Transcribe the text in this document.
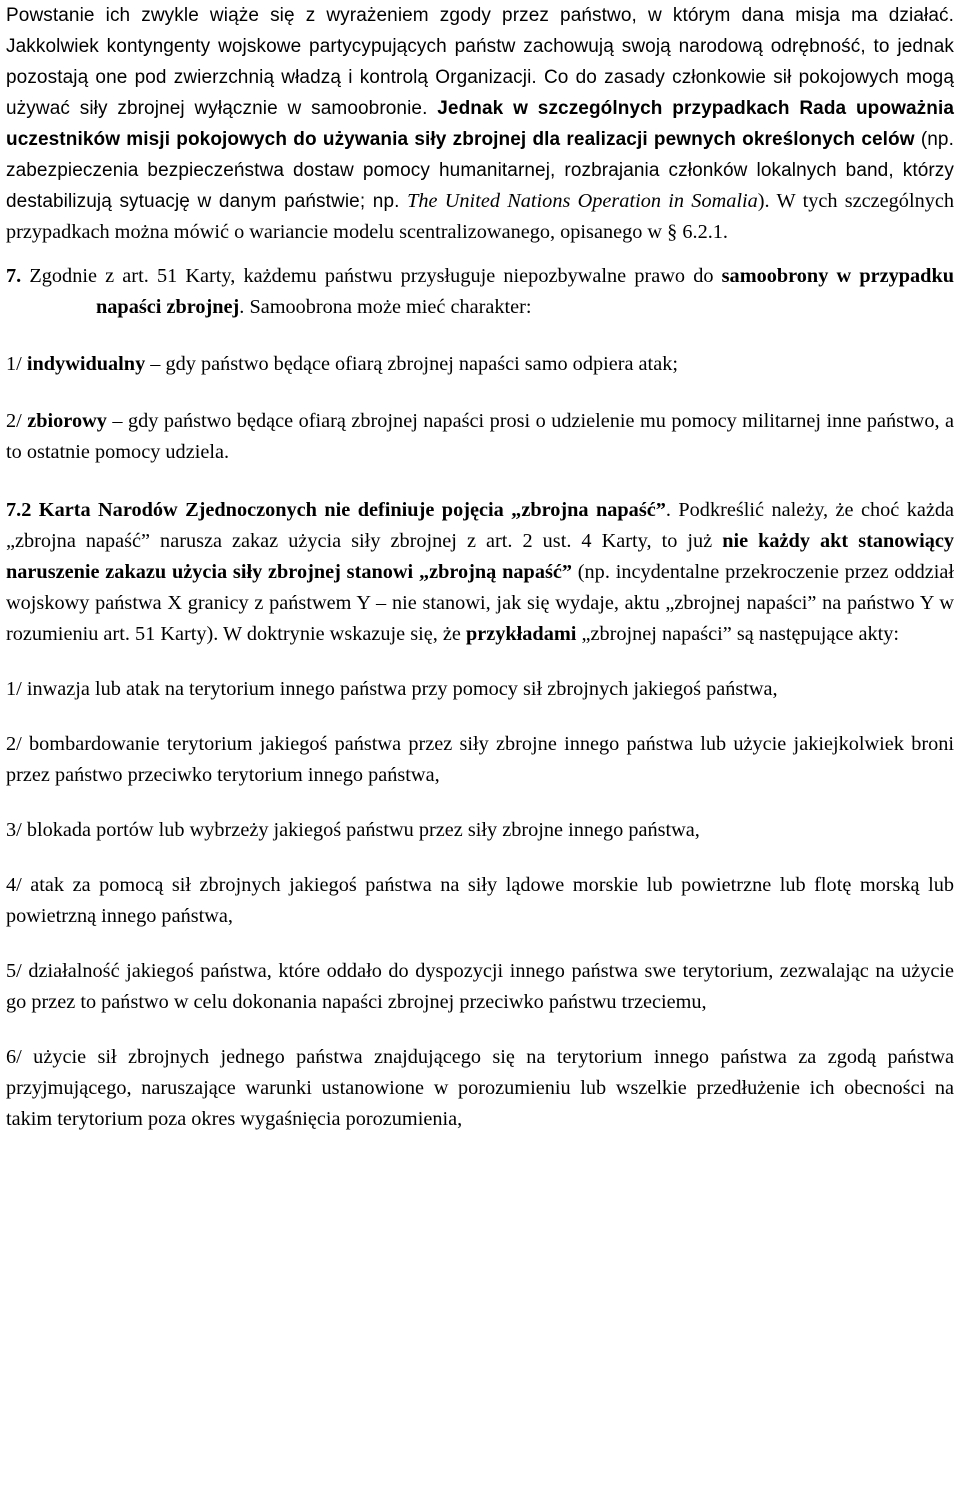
Powstanie ich zwykle wiąże się z wyrażeniem zgody przez państwo, w którym dana misja ma działać. Jakkolwiek kontyngenty wojskowe partycypujących państw zachowują swoją narodową odrębność, to jednak pozostają one pod zwierzchnią władzą i kontrolą Organizacji. Co do zasady członkowie sił pokojowych mogą używać siły zbrojnej wyłącznie w samoobronie. Jednak w szczególnych przypadkach Rada upoważnia uczestników misji pokojowych do używania siły zbrojnej dla realizacji pewnych określonych celów (np. zabezpieczenia bezpieczeństwa dostaw pomocy humanitarnej, rozbrajania członków lokalnych band, którzy destabilizują sytuację w danym państwie; np. The United Nations Operation in Somalia). W tych szczególnych przypadkach można mówić o wariancie modelu scentralizowanego, opisanego w § 6.2.1.

7. Zgodnie z art. 51 Karty, każdemu państwu przysługuje niepozbywalne prawo do samoobrony w przypadku napaści zbrojnej. Samoobrona może mieć charakter:

1/ indywidualny – gdy państwo będące ofiarą zbrojnej napaści samo odpiera atak;

2/ zbiorowy – gdy państwo będące ofiarą zbrojnej napaści prosi o udzielenie mu pomocy militarnej inne państwo, a to ostatnie pomocy udziela.

7.2 Karta Narodów Zjednoczonych nie definiuje pojęcia „zbrojna napaść”. Podkreślić należy, że choć każda „zbrojna napaść” narusza zakaz użycia siły zbrojnej z art. 2 ust. 4 Karty, to już nie każdy akt stanowiący naruszenie zakazu użycia siły zbrojnej stanowi „zbrojną napaść” (np. incydentalne przekroczenie przez oddział wojskowy państwa X granicy z państwem Y – nie stanowi, jak się wydaje, aktu „zbrojnej napaści” na państwo Y w rozumieniu art. 51 Karty). W doktrynie wskazuje się, że przykładami „zbrojnej napaści” są następujące akty:

1/ inwazja lub atak na terytorium innego państwa przy pomocy sił zbrojnych jakiegoś państwa,

2/ bombardowanie terytorium jakiegoś państwa przez siły zbrojne innego państwa lub użycie jakiejkolwiek broni przez państwo przeciwko terytorium innego państwa,

3/ blokada portów lub wybrzeży jakiegoś państwu przez siły zbrojne innego państwa,

4/ atak za pomocą sił zbrojnych jakiegoś państwa na siły lądowe morskie lub powietrzne lub flotę morską lub powietrzną innego państwa,

5/ działalność jakiegoś państwa, które oddało do dyspozycji innego państwa swe terytorium, zezwalając na użycie go przez to państwo w celu dokonania napaści zbrojnej przeciwko państwu trzeciemu,

6/ użycie sił zbrojnych jednego państwa znajdującego się na terytorium innego państwa za zgodą państwa przyjmującego, naruszające warunki ustanowione w porozumieniu lub wszelkie przedłużenie ich obecności na takim terytorium poza okres wygaśnięcia porozumienia,
